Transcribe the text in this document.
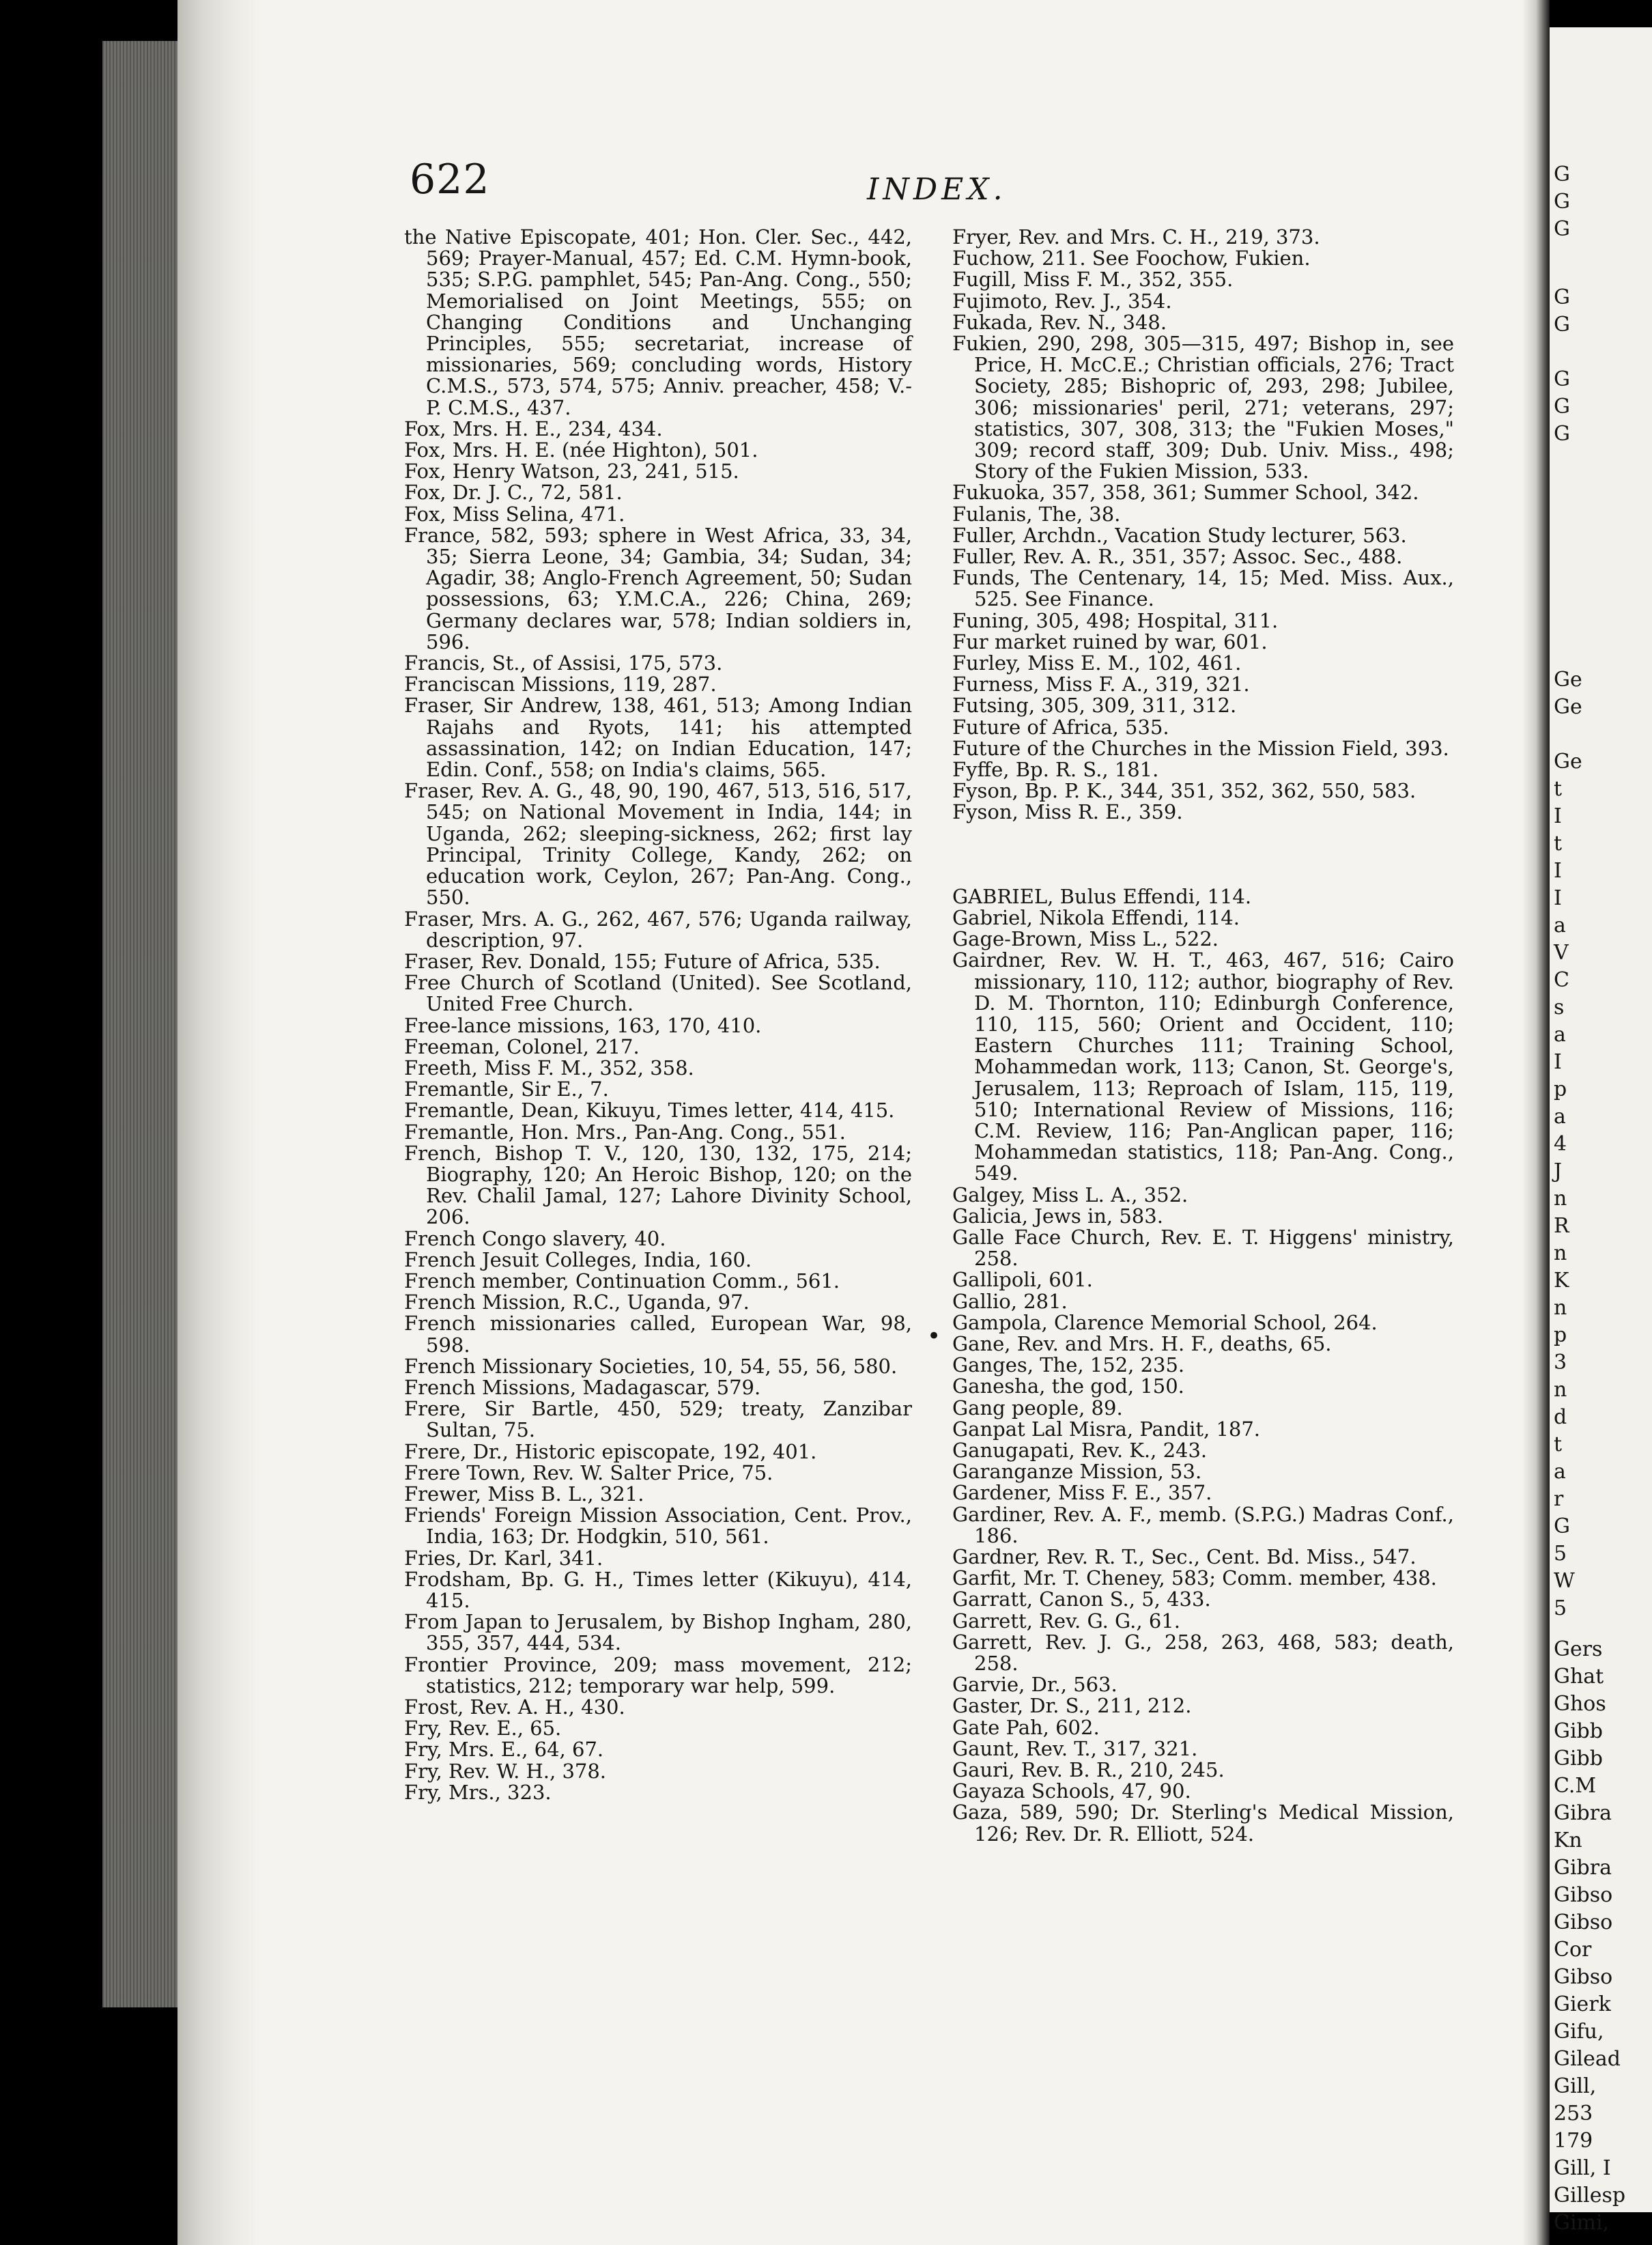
G
G
G
G
G
G
G
G
Ge
Ge
Ge
t
I
t
I
I
a
V
C
s
a
I
p
a
4
J
n
R
n
K
n
p
3
n
d
t
a
r
G
5
W
5
Gers
Ghat
Ghos
Gibb
Gibb
C.M
Gibra
Kn
Gibra
Gibso
Gibso
Cor
Gibso
Gierk
Gifu,
Gilead
Gill,
253
179
Gill, I
Gillesp
Gimi,
622	INDEX.
the Native Episcopate, 401; Hon. Cler. Sec., 442, 569; Prayer-Manual, 457; Ed. C.M. Hymn-book, 535; S.P.G. pamphlet, 545; Pan-Ang. Cong., 550; Memorialised on Joint Meetings, 555; on Changing Conditions and Unchanging Principles, 555; secretariat, increase of missionaries, 569; concluding words, History C.M.S., 573, 574, 575; Anniv. preacher, 458; V.-P. C.M.S., 437.
Fox, Mrs. H. E., 234, 434.
Fox, Mrs. H. E. (née Highton), 501.
Fox, Henry Watson, 23, 241, 515.
Fox, Dr. J. C., 72, 581.
Fox, Miss Selina, 471.
France, 582, 593; sphere in West Africa, 33, 34, 35; Sierra Leone, 34; Gambia, 34; Sudan, 34; Agadir, 38; Anglo-French Agreement, 50; Sudan possessions, 63; Y.M.C.A., 226; China, 269; Germany declares war, 578; Indian soldiers in, 596.
Francis, St., of Assisi, 175, 573.
Franciscan Missions, 119, 287.
Fraser, Sir Andrew, 138, 461, 513; Among Indian Rajahs and Ryots, 141; his attempted assassination, 142; on Indian Education, 147; Edin. Conf., 558; on India's claims, 565.
Fraser, Rev. A. G., 48, 90, 190, 467, 513, 516, 517, 545; on National Movement in India, 144; in Uganda, 262; sleeping-sickness, 262; first lay Principal, Trinity College, Kandy, 262; on education work, Ceylon, 267; Pan-Ang. Cong., 550.
Fraser, Mrs. A. G., 262, 467, 576; Uganda railway, description, 97.
Fraser, Rev. Donald, 155; Future of Africa, 535.
Free Church of Scotland (United). See Scotland, United Free Church.
Free-lance missions, 163, 170, 410.
Freeman, Colonel, 217.
Freeth, Miss F. M., 352, 358.
Fremantle, Sir E., 7.
Fremantle, Dean, Kikuyu, Times letter, 414, 415.
Fremantle, Hon. Mrs., Pan-Ang. Cong., 551.
French, Bishop T. V., 120, 130, 132, 175, 214; Biography, 120; An Heroic Bishop, 120; on the Rev. Chalil Jamal, 127; Lahore Divinity School, 206.
French Congo slavery, 40.
French Jesuit Colleges, India, 160.
French member, Continuation Comm., 561.
French Mission, R.C., Uganda, 97.
French missionaries called, European War, 98, 598.
French Missionary Societies, 10, 54, 55, 56, 580.
French Missions, Madagascar, 579.
Frere, Sir Bartle, 450, 529; treaty, Zanzibar Sultan, 75.
Frere, Dr., Historic episcopate, 192, 401.
Frere Town, Rev. W. Salter Price, 75.
Frewer, Miss B. L., 321.
Friends' Foreign Mission Association, Cent. Prov., India, 163; Dr. Hodgkin, 510, 561.
Fries, Dr. Karl, 341.
Frodsham, Bp. G. H., Times letter (Kikuyu), 414, 415.
From Japan to Jerusalem, by Bishop Ingham, 280, 355, 357, 444, 534.
Frontier Province, 209; mass movement, 212; statistics, 212; temporary war help, 599.
Frost, Rev. A. H., 430.
Fry, Rev. E., 65.
Fry, Mrs. E., 64, 67.
Fry, Rev. W. H., 378.
Fry, Mrs., 323.
Fryer, Rev. and Mrs. C. H., 219, 373.
Fuchow, 211. See Foochow, Fukien.
Fugill, Miss F. M., 352, 355.
Fujimoto, Rev. J., 354.
Fukada, Rev. N., 348.
Fukien, 290, 298, 305—315, 497; Bishop in, see Price, H. McC.E.; Christian officials, 276; Tract Society, 285; Bishopric of, 293, 298; Jubilee, 306; missionaries' peril, 271; veterans, 297; statistics, 307, 308, 313; the "Fukien Moses," 309; record staff, 309; Dub. Univ. Miss., 498; Story of the Fukien Mission, 533.
Fukuoka, 357, 358, 361; Summer School, 342.
Fulanis, The, 38.
Fuller, Archdn., Vacation Study lecturer, 563.
Fuller, Rev. A. R., 351, 357; Assoc. Sec., 488.
Funds, The Centenary, 14, 15; Med. Miss. Aux., 525. See Finance.
Funing, 305, 498; Hospital, 311.
Fur market ruined by war, 601.
Furley, Miss E. M., 102, 461.
Furness, Miss F. A., 319, 321.
Futsing, 305, 309, 311, 312.
Future of Africa, 535.
Future of the Churches in the Mission Field, 393.
Fyffe, Bp. R. S., 181.
Fyson, Bp. P. K., 344, 351, 352, 362, 550, 583.
Fyson, Miss R. E., 359.
GABRIEL, Bulus Effendi, 114.
Gabriel, Nikola Effendi, 114.
Gage-Brown, Miss L., 522.
Gairdner, Rev. W. H. T., 463, 467, 516; Cairo missionary, 110, 112; author, biography of Rev. D. M. Thornton, 110; Edinburgh Conference, 110, 115, 560; Orient and Occident, 110; Eastern Churches 111; Training School, Mohammedan work, 113; Canon, St. George's, Jerusalem, 113; Reproach of Islam, 115, 119, 510; International Review of Missions, 116; C.M. Review, 116; Pan-Anglican paper, 116; Mohammedan statistics, 118; Pan-Ang. Cong., 549.
Galgey, Miss L. A., 352.
Galicia, Jews in, 583.
Galle Face Church, Rev. E. T. Higgens' ministry, 258.
Gallipoli, 601.
Gallio, 281.
Gampola, Clarence Memorial School, 264.
Gane, Rev. and Mrs. H. F., deaths, 65.
Ganges, The, 152, 235.
Ganesha, the god, 150.
Gang people, 89.
Ganpat Lal Misra, Pandit, 187.
Ganugapati, Rev. K., 243.
Garanganze Mission, 53.
Gardener, Miss F. E., 357.
Gardiner, Rev. A. F., memb. (S.P.G.) Madras Conf., 186.
Gardner, Rev. R. T., Sec., Cent. Bd. Miss., 547.
Garfit, Mr. T. Cheney, 583; Comm. member, 438.
Garratt, Canon S., 5, 433.
Garrett, Rev. G. G., 61.
Garrett, Rev. J. G., 258, 263, 468, 583; death, 258.
Garvie, Dr., 563.
Gaster, Dr. S., 211, 212.
Gate Pah, 602.
Gaunt, Rev. T., 317, 321.
Gauri, Rev. B. R., 210, 245.
Gayaza Schools, 47, 90.
Gaza, 589, 590; Dr. Sterling's Medical Mission, 126; Rev. Dr. R. Elliott, 524.
•
